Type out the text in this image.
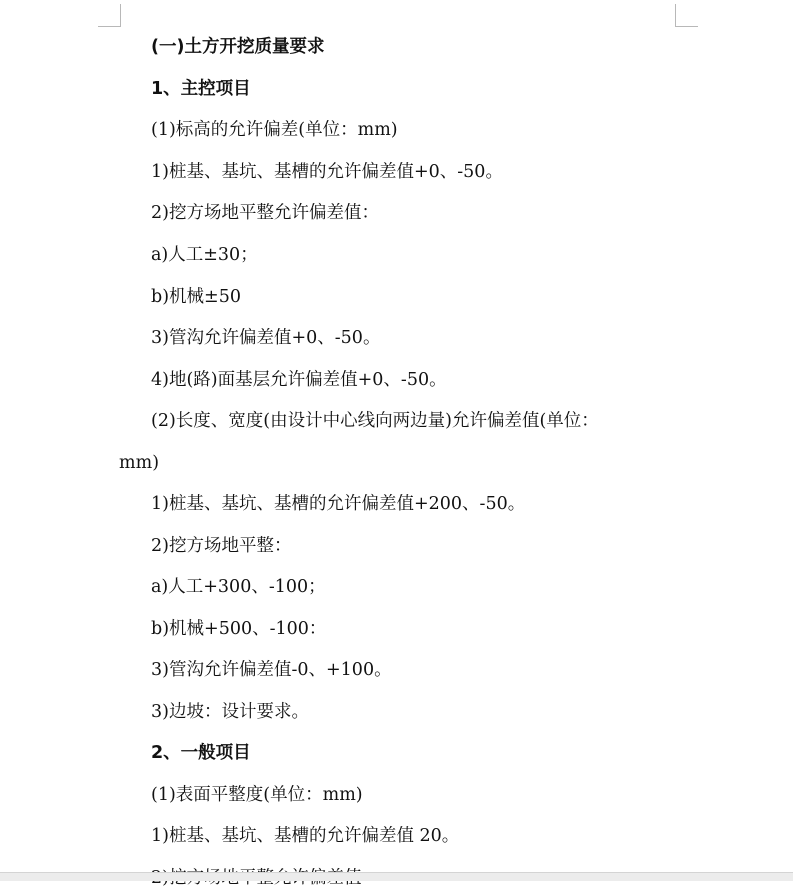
(一)土方开挖质量要求
1、主控项目
(1)标高的允许偏差(单位：mm)
1)桩基、基坑、基槽的允许偏差值+0、-50。
2)挖方场地平整允许偏差值：
a)人工±30；
b)机械±50
3)管沟允许偏差值+0、-50。
4)地(路)面基层允许偏差值+0、-50。
(2)长度、宽度(由设计中心线向两边量)允许偏差值(单位：
mm)
1)桩基、基坑、基槽的允许偏差值+200、-50。
2)挖方场地平整：
a)人工+300、-100；
b)机械+500、-100：
3)管沟允许偏差值-0、+100。
3)边坡：设计要求。
2、一般项目
(1)表面平整度(单位：mm)
1)桩基、基坑、基槽的允许偏差值 20。
